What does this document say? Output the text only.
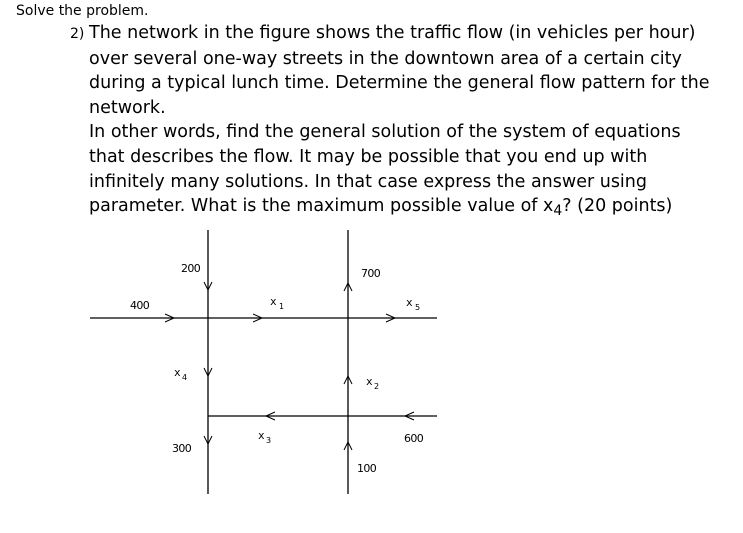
Solve the problem.
2) The network in the figure shows the traffic flow (in vehicles per hour)
over several one-way streets in the downtown area of a certain city
during a typical lunch time. Determine the general flow pattern for the
network.
In other words, find the general solution of the system of equations
that describes the flow. It may be possible that you end up with
infinitely many solutions. In that case express the answer using
parameter. What is the maximum possible value of $x_4$? (20 points)
200	700
400
300
100
600
x 1	x 5
x 4	x 2
x 3
